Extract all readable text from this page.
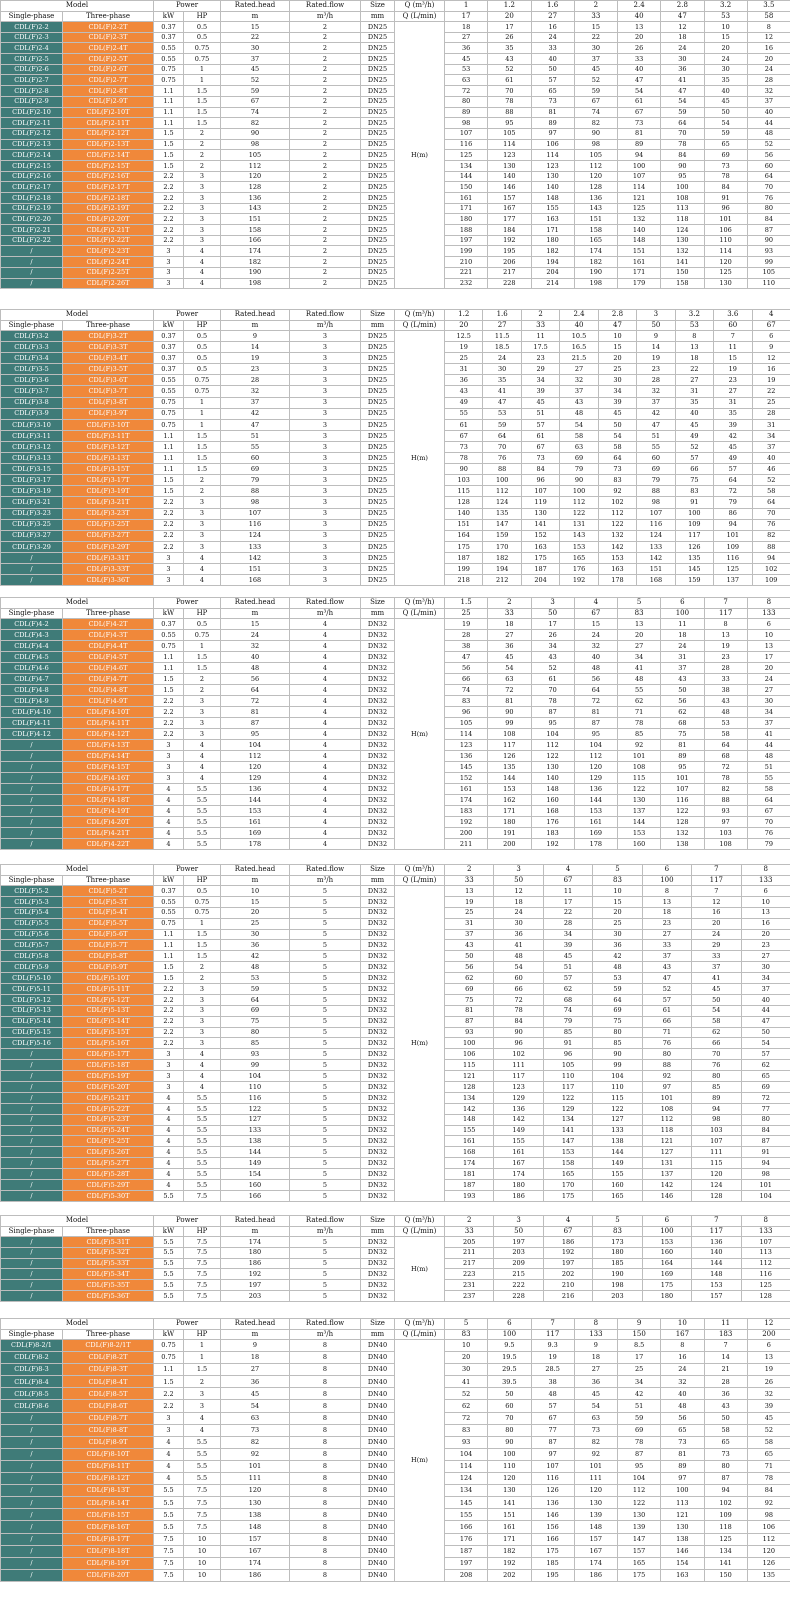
Model		Power		Rated.head	Rated.flow	Size	Q (m³/h)	1	1.2	1.6	2	2.4	2.8	3.2	3.5
Single-phase	Three-phase	kW	HP	m	m³/h	mm	Q (L/min)	17	20	27	33	40	47	53	58
CDL(F)2-2	CDL(F)2-2T	0.37	0.5	15	2	DN25	H(m)	18	17	16	15	13	12	10	8
CDL(F)2-3	CDL(F)2-3T	0.37	0.5	22	2	DN25		27	26	24	22	20	18	15	12
CDL(F)2-4	CDL(F)2-4T	0.55	0.75	30	2	DN25		36	35	33	30	26	24	20	16
CDL(F)2-5	CDL(F)2-5T	0.55	0.75	37	2	DN25		45	43	40	37	33	30	24	20
CDL(F)2-6	CDL(F)2-6T	0.75	1	45	2	DN25		53	52	50	45	40	36	30	24
CDL(F)2-7	CDL(F)2-7T	0.75	1	52	2	DN25		63	61	57	52	47	41	35	28
CDL(F)2-8	CDL(F)2-8T	1.1	1.5	59	2	DN25		72	70	65	59	54	47	40	32
CDL(F)2-9	CDL(F)2-9T	1.1	1.5	67	2	DN25		80	78	73	67	61	54	45	37
CDL(F)2-10	CDL(F)2-10T	1.1	1.5	74	2	DN25		89	88	81	74	67	59	50	40
CDL(F)2-11	CDL(F)2-11T	1.1	1.5	82	2	DN25		98	95	89	82	73	64	54	44
CDL(F)2-12	CDL(F)2-12T	1.5	2	90	2	DN25		107	105	97	90	81	70	59	48
CDL(F)2-13	CDL(F)2-13T	1.5	2	98	2	DN25		116	114	106	98	89	78	65	52
CDL(F)2-14	CDL(F)2-14T	1.5	2	105	2	DN25		125	123	114	105	94	84	69	56
CDL(F)2-15	CDL(F)2-15T	1.5	2	112	2	DN25		134	130	123	112	100	90	73	60
CDL(F)2-16	CDL(F)2-16T	2.2	3	120	2	DN25		144	140	130	120	107	95	78	64
CDL(F)2-17	CDL(F)2-17T	2.2	3	128	2	DN25		150	146	140	128	114	100	84	70
CDL(F)2-18	CDL(F)2-18T	2.2	3	136	2	DN25		161	157	148	136	121	108	91	76
CDL(F)2-19	CDL(F)2-19T	2.2	3	143	2	DN25		171	167	155	143	125	113	96	80
CDL(F)2-20	CDL(F)2-20T	2.2	3	151	2	DN25		180	177	163	151	132	118	101	84
CDL(F)2-21	CDL(F)2-21T	2.2	3	158	2	DN25		188	184	171	158	140	124	106	87
CDL(F)2-22	CDL(F)2-22T	2.2	3	166	2	DN25		197	192	180	165	148	130	110	90
/	CDL(F)2-23T	3	4	174	2	DN25		199	195	182	174	151	132	114	93
/	CDL(F)2-24T	3	4	182	2	DN25		210	206	194	182	161	141	120	99
/	CDL(F)2-25T	3	4	190	2	DN25		221	217	204	190	171	150	125	105
/	CDL(F)2-26T	3	4	198	2	DN25		232	228	214	198	179	158	130	110
Model		Power		Rated.head	Rated.flow	Size	Q (m³/h)	1.2	1.6	2	2.4	2.8	3	3.2	3.6	4
Single-phase	Three-phase	kW	HP	m	m³/h	mm	Q (L/min)	20	27	33	40	47	50	53	60	67
CDL(F)3-2	CDL(F)3-2T	0.37	0.5	9	3	DN25	H(m)	12.5	11.5	11	10.5	10	9	8	7	6
CDL(F)3-3	CDL(F)3-3T	0.37	0.5	14	3	DN25		19	18.5	17.5	16.5	15	14	13	11	9
CDL(F)3-4	CDL(F)3-4T	0.37	0.5	19	3	DN25		25	24	23	21.5	20	19	18	15	12
CDL(F)3-5	CDL(F)3-5T	0.37	0.5	23	3	DN25		31	30	29	27	25	23	22	19	16
CDL(F)3-6	CDL(F)3-6T	0.55	0.75	28	3	DN25		36	35	34	32	30	28	27	23	19
CDL(F)3-7	CDL(F)3-7T	0.55	0.75	32	3	DN25		43	41	39	37	34	32	31	27	22
CDL(F)3-8	CDL(F)3-8T	0.75	1	37	3	DN25		49	47	45	43	39	37	35	31	25
CDL(F)3-9	CDL(F)3-9T	0.75	1	42	3	DN25		55	53	51	48	45	42	40	35	28
CDL(F)3-10	CDL(F)3-10T	0.75	1	47	3	DN25		61	59	57	54	50	47	45	39	31
CDL(F)3-11	CDL(F)3-11T	1.1	1.5	51	3	DN25		67	64	61	58	54	51	49	42	34
CDL(F)3-12	CDL(F)3-12T	1.1	1.5	55	3	DN25		73	70	67	63	58	55	52	45	37
CDL(F)3-13	CDL(F)3-13T	1.1	1.5	60	3	DN25		78	76	73	69	64	60	57	49	40
CDL(F)3-15	CDL(F)3-15T	1.1	1.5	69	3	DN25		90	88	84	79	73	69	66	57	46
CDL(F)3-17	CDL(F)3-17T	1.5	2	79	3	DN25		103	100	96	90	83	79	75	64	52
CDL(F)3-19	CDL(F)3-19T	1.5	2	88	3	DN25		115	112	107	100	92	88	83	72	58
CDL(F)3-21	CDL(F)3-21T	2.2	3	98	3	DN25		128	124	119	112	102	98	91	79	64
CDL(F)3-23	CDL(F)3-23T	2.2	3	107	3	DN25		140	135	130	122	112	107	100	86	70
CDL(F)3-25	CDL(F)3-25T	2.2	3	116	3	DN25		151	147	141	131	122	116	109	94	76
CDL(F)3-27	CDL(F)3-27T	2.2	3	124	3	DN25		164	159	152	143	132	124	117	101	82
CDL(F)3-29	CDL(F)3-29T	2.2	3	133	3	DN25		175	170	163	153	142	133	126	109	88
/	CDL(F)3-31T	3	4	142	3	DN25		187	182	175	165	153	142	135	116	94
/	CDL(F)3-33T	3	4	151	3	DN25		199	194	187	176	163	151	145	125	102
/	CDL(F)3-36T	3	4	168	3	DN25		218	212	204	192	178	168	159	137	109
Model		Power		Rated.head	Rated.flow	Size	Q (m³/h)	1.5	2	3	4	5	6	7	8
Single-phase	Three-phase	kW	HP	m	m³/h	mm	Q (L/min)	25	33	50	67	83	100	117	133
CDL(F)4-2	CDL(F)4-2T	0.37	0.5	15	4	DN32	H(m)	19	18	17	15	13	11	8	6
CDL(F)4-3	CDL(F)4-3T	0.55	0.75	24	4	DN32		28	27	26	24	20	18	13	10
CDL(F)4-4	CDL(F)4-4T	0.75	1	32	4	DN32		38	36	34	32	27	24	19	13
CDL(F)4-5	CDL(F)4-5T	1.1	1.5	40	4	DN32		47	45	43	40	34	31	23	17
CDL(F)4-6	CDL(F)4-6T	1.1	1.5	48	4	DN32		56	54	52	48	41	37	28	20
CDL(F)4-7	CDL(F)4-7T	1.5	2	56	4	DN32		66	63	61	56	48	43	33	24
CDL(F)4-8	CDL(F)4-8T	1.5	2	64	4	DN32		74	72	70	64	55	50	38	27
CDL(F)4-9	CDL(F)4-9T	2.2	3	72	4	DN32		83	81	78	72	62	56	43	30
CDL(F)4-10	CDL(F)4-10T	2.2	3	81	4	DN32		96	90	87	81	71	62	48	34
CDL(F)4-11	CDL(F)4-11T	2.2	3	87	4	DN32		105	99	95	87	78	68	53	37
CDL(F)4-12	CDL(F)4-12T	2.2	3	95	4	DN32		114	108	104	95	85	75	58	41
/	CDL(F)4-13T	3	4	104	4	DN32		123	117	112	104	92	81	64	44
/	CDL(F)4-14T	3	4	112	4	DN32		136	126	122	112	101	89	68	48
/	CDL(F)4-15T	3	4	120	4	DN32		145	135	130	120	108	95	72	51
/	CDL(F)4-16T	3	4	129	4	DN32		152	144	140	129	115	101	78	55
/	CDL(F)4-17T	4	5.5	136	4	DN32		161	153	148	136	122	107	82	58
/	CDL(F)4-18T	4	5.5	144	4	DN32		174	162	160	144	130	116	88	64
/	CDL(F)4-19T	4	5.5	153	4	DN32		183	171	168	153	137	122	93	67
/	CDL(F)4-20T	4	5.5	161	4	DN32		192	180	176	161	144	128	97	70
/	CDL(F)4-21T	4	5.5	169	4	DN32		200	191	183	169	153	132	103	76
/	CDL(F)4-22T	4	5.5	178	4	DN32		211	200	192	178	160	138	108	79
Model		Power		Rated.head	Rated.flow	Size	Q (m³/h)	2	3	4	5	6	7	8
Single-phase	Three-phase	kW	HP	m	m³/h	mm	Q (L/min)	33	50	67	83	100	117	133
CDL(F)5-2	CDL(F)5-2T	0.37	0.5	10	5	DN32	H(m)	13	12	11	10	8	7	6
CDL(F)5-3	CDL(F)5-3T	0.55	0.75	15	5	DN32		19	18	17	15	13	12	10
CDL(F)5-4	CDL(F)5-4T	0.55	0.75	20	5	DN32		25	24	22	20	18	16	13
CDL(F)5-5	CDL(F)5-5T	0.75	1	25	5	DN32		31	30	28	25	23	20	16
CDL(F)5-6	CDL(F)5-6T	1.1	1.5	30	5	DN32		37	36	34	30	27	24	20
CDL(F)5-7	CDL(F)5-7T	1.1	1.5	36	5	DN32		43	41	39	36	33	29	23
CDL(F)5-8	CDL(F)5-8T	1.1	1.5	42	5	DN32		50	48	45	42	37	33	27
CDL(F)5-9	CDL(F)5-9T	1.5	2	48	5	DN32		56	54	51	48	43	37	30
CDL(F)5-10	CDL(F)5-10T	1.5	2	53	5	DN32		62	60	57	53	47	41	34
CDL(F)5-11	CDL(F)5-11T	2.2	3	59	5	DN32		69	66	62	59	52	45	37
CDL(F)5-12	CDL(F)5-12T	2.2	3	64	5	DN32		75	72	68	64	57	50	40
CDL(F)5-13	CDL(F)5-13T	2.2	3	69	5	DN32		81	78	74	69	61	54	44
CDL(F)5-14	CDL(F)5-14T	2.2	3	75	5	DN32		87	84	79	75	66	58	47
CDL(F)5-15	CDL(F)5-15T	2.2	3	80	5	DN32		93	90	85	80	71	62	50
CDL(F)5-16	CDL(F)5-16T	2.2	3	85	5	DN32		100	96	91	85	76	66	54
/	CDL(F)5-17T	3	4	93	5	DN32		106	102	96	90	80	70	57
/	CDL(F)5-18T	3	4	99	5	DN32		115	111	105	99	88	76	62
/	CDL(F)5-19T	3	4	104	5	DN32		121	117	110	104	92	80	65
/	CDL(F)5-20T	3	4	110	5	DN32		128	123	117	110	97	85	69
/	CDL(F)5-21T	4	5.5	116	5	DN32		134	129	122	115	101	89	72
/	CDL(F)5-22T	4	5.5	122	5	DN32		142	136	129	122	108	94	77
/	CDL(F)5-23T	4	5.5	127	5	DN32		148	142	134	127	112	98	80
/	CDL(F)5-24T	4	5.5	133	5	DN32		155	149	141	133	118	103	84
/	CDL(F)5-25T	4	5.5	138	5	DN32		161	155	147	138	121	107	87
/	CDL(F)5-26T	4	5.5	144	5	DN32		168	161	153	144	127	111	91
/	CDL(F)5-27T	4	5.5	149	5	DN32		174	167	158	149	131	115	94
/	CDL(F)5-28T	4	5.5	154	5	DN32		181	174	165	155	137	120	98
/	CDL(F)5-29T	4	5.5	160	5	DN32		187	180	170	160	142	124	101
/	CDL(F)5-30T	5.5	7.5	166	5	DN32		193	186	175	165	146	128	104
Model		Power		Rated.head	Rated.flow	Size	Q (m³/h)	2	3	4	5	6	7	8
Single-phase	Three-phase	kW	HP	m	m³/h	mm	Q (L/min)	33	50	67	83	100	117	133
/	CDL(F)5-31T	5.5	7.5	174	5	DN32	H(m)	205	197	186	173	153	136	107
/	CDL(F)5-32T	5.5	7.5	180	5	DN32		211	203	192	180	160	140	113
/	CDL(F)5-33T	5.5	7.5	186	5	DN32		217	209	197	185	164	144	112
/	CDL(F)5-34T	5.5	7.5	192	5	DN32		223	215	202	190	169	148	116
/	CDL(F)5-35T	5.5	7.5	197	5	DN32		231	222	210	198	175	153	125
/	CDL(F)5-36T	5.5	7.5	203	5	DN32		237	228	216	203	180	157	128
Model		Power		Rated.head	Rated.flow	Size	Q (m³/h)	5	6	7	8	9	10	11	12
Single-phase	Three-phase	kW	HP	m	m³/h	mm	Q (L/min)	83	100	117	133	150	167	183	200
CDL(F)8-2/1	CDL(F)8-2/1T	0.75	1	9	8	DN40	H(m)	10	9.5	9.3	9	8.5	8	7	6
CDL(F)8-2	CDL(F)8-2T	0.75	1	18	8	DN40		20	19.5	19	18	17	16	14	13
CDL(F)8-3	CDL(F)8-3T	1.1	1.5	27	8	DN40		30	29.5	28.5	27	25	24	21	19
CDL(F)8-4	CDL(F)8-4T	1.5	2	36	8	DN40		41	39.5	38	36	34	32	28	26
CDL(F)8-5	CDL(F)8-5T	2.2	3	45	8	DN40		52	50	48	45	42	40	36	32
CDL(F)8-6	CDL(F)8-6T	2.2	3	54	8	DN40		62	60	57	54	51	48	43	39
/	CDL(F)8-7T	3	4	63	8	DN40		72	70	67	63	59	56	50	45
/	CDL(F)8-8T	3	4	73	8	DN40		83	80	77	73	69	65	58	52
/	CDL(F)8-9T	4	5.5	82	8	DN40		93	90	87	82	78	73	65	58
/	CDL(F)8-10T	4	5.5	92	8	DN40		104	100	97	92	87	81	73	65
/	CDL(F)8-11T	4	5.5	101	8	DN40		114	110	107	101	95	89	80	71
/	CDL(F)8-12T	4	5.5	111	8	DN40		124	120	116	111	104	97	87	78
/	CDL(F)8-13T	5.5	7.5	120	8	DN40		134	130	126	120	112	100	94	84
/	CDL(F)8-14T	5.5	7.5	130	8	DN40		145	141	136	130	122	113	102	92
/	CDL(F)8-15T	5.5	7.5	138	8	DN40		155	151	146	139	130	121	109	98
/	CDL(F)8-16T	5.5	7.5	148	8	DN40		166	161	156	148	139	130	118	106
/	CDL(F)8-17T	7.5	10	157	8	DN40		176	171	166	157	147	138	125	112
/	CDL(F)8-18T	7.5	10	167	8	DN40		187	182	175	167	157	146	134	120
/	CDL(F)8-19T	7.5	10	174	8	DN40		197	192	185	174	165	154	141	126
/	CDL(F)8-20T	7.5	10	186	8	DN40		208	202	195	186	175	163	150	135
